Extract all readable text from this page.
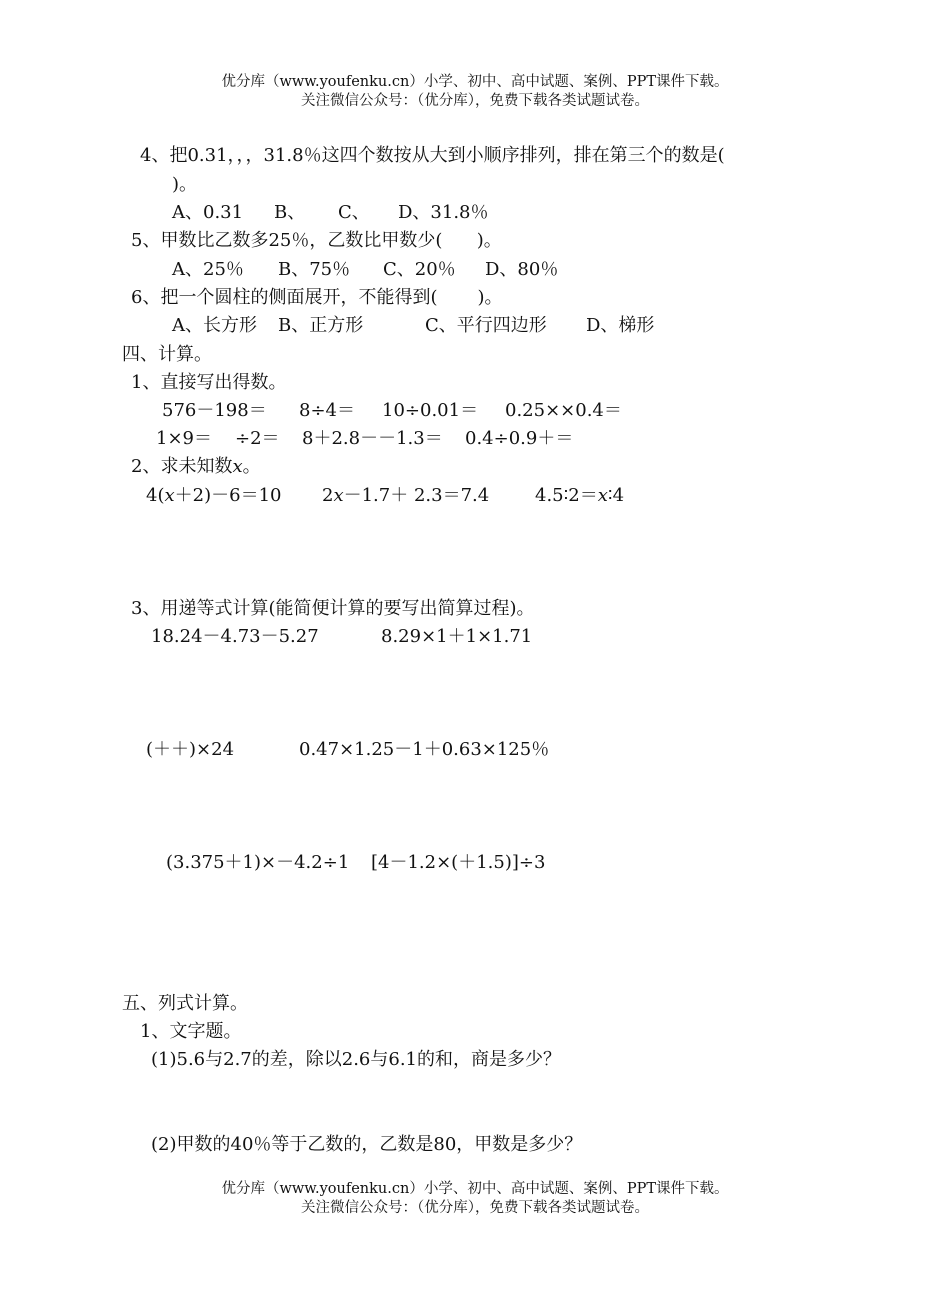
优分库（www.youfenku.cn）小学、初中、高中试题、案例、PPT课件下载。
关注微信公众号：（优分库），免费下载各类试题试卷。
4、把0.31，，，31.8％这四个数按从大到小顺序排列，排在第三个的数是(
)。
A、0.31 B、 C、 D、31.8％
5、甲数比乙数多25％，乙数比甲数少(      )。
A、25％ B、75％ C、20％ D、80％
6、把一个圆柱的侧面展开，不能得到(       )。
A、长方形 B、正方形	C、平行四边形 D、梯形
四、计算。
1、直接写出得数。
576－198＝ 8÷4＝ 10÷0.01＝ 0.25××0.4＝
1×9＝ ÷2＝ 8＋2.8－－1.3＝ 0.4÷0.9＋＝
2、求未知数x。
4(x＋2)－6＝10 2x－1.7＋ 2.3＝7.4	4.5∶2＝x∶4
3、用递等式计算(能简便计算的要写出简算过程)。
18.24－4.73－5.27	8.29×1＋1×1.71
(＋＋)×24	0.47×1.25－1＋0.63×125％
(3.375＋1)×－4.2÷1 [4－1.2×(＋1.5)]÷3
五、列式计算。
1、文字题。
(1)5.6与2.7的差，除以2.6与6.1的和，商是多少？
(2)甲数的40％等于乙数的，乙数是80，甲数是多少？
优分库（www.youfenku.cn）小学、初中、高中试题、案例、PPT课件下载。
关注微信公众号：（优分库），免费下载各类试题试卷。
